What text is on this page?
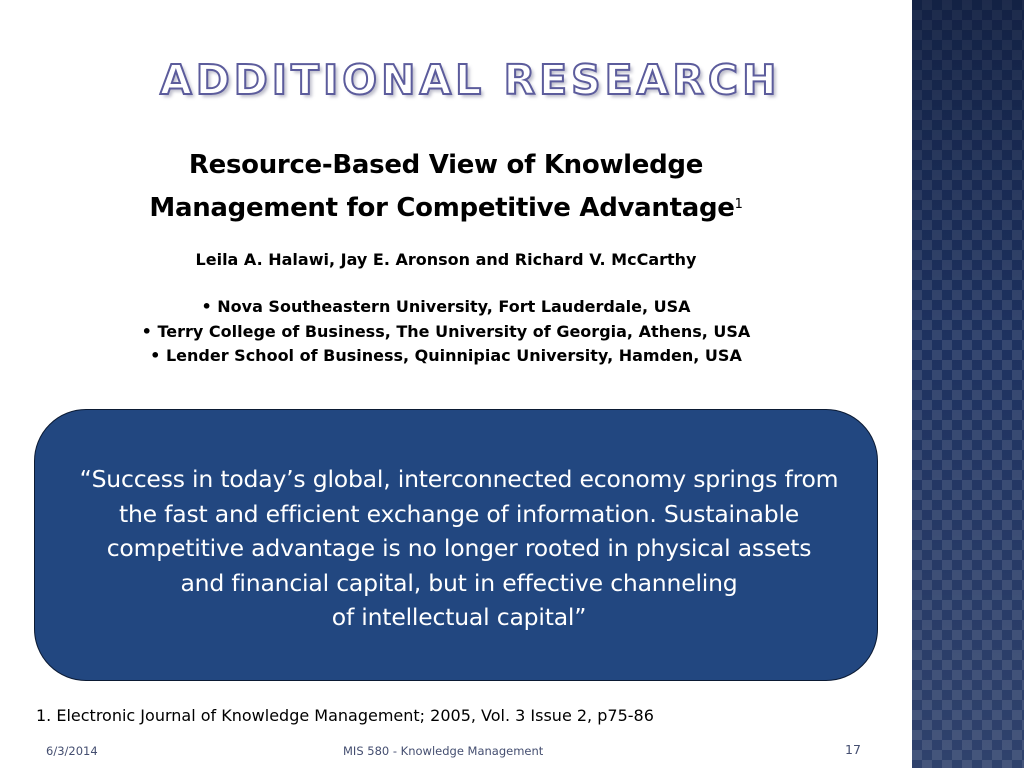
ADDITIONAL RESEARCH
Resource-Based View of Knowledge
Management for Competitive Advantage$^1$
Leila A. Halawi, Jay E. Aronson and Richard V. McCarthy
• Nova Southeastern University, Fort Lauderdale, USA
• Terry College of Business, The University of Georgia, Athens, USA
• Lender School of Business, Quinnipiac University, Hamden, USA
“Success in today’s global, interconnected economy springs from
the fast and efficient exchange of information. Sustainable
competitive advantage is no longer rooted in physical assets
and financial capital, but in effective channeling
of intellectual capital”
1. Electronic Journal of Knowledge Management; 2005, Vol. 3 Issue 2, p75-86
6/3/2014	MIS 580 - Knowledge Management	17
